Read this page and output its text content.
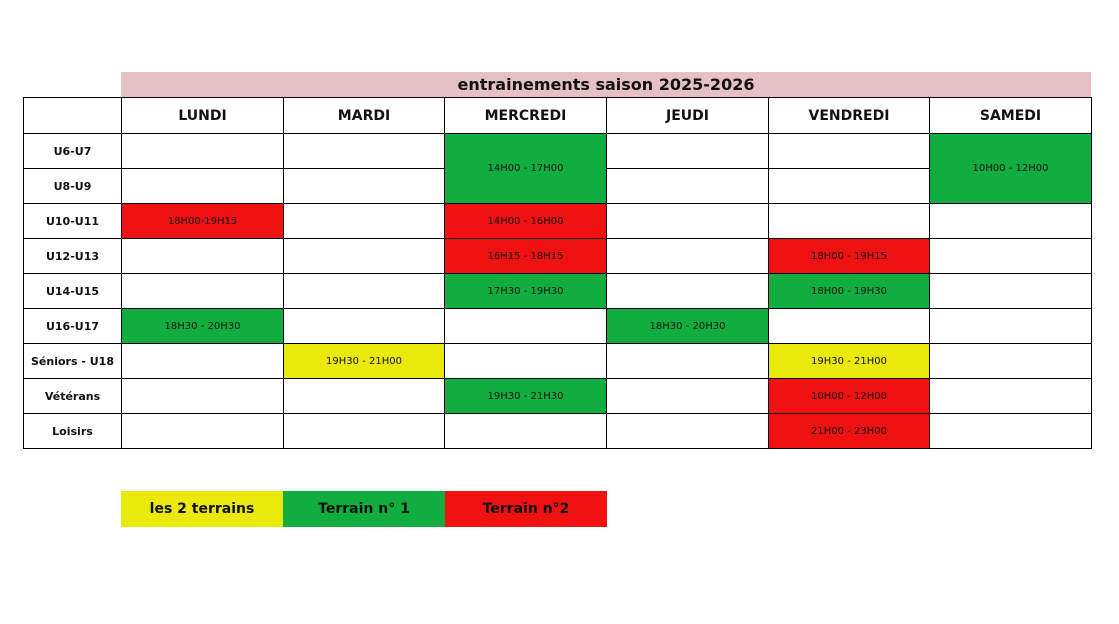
entrainements saison 2025-2026
	LUNDI	MARDI	MERCREDI	JEUDI	VENDREDI	SAMEDI
U6-U7			14H00 - 17H00			10H00 - 12H00
U8-U9						
U10-U11	18H00-19H15		14H00 - 16H00			
U12-U13			16H15 - 18H15		18H00 - 19H15	
U14-U15			17H30 - 19H30		18H00 - 19H30	
U16-U17	18H30 - 20H30			18H30 - 20H30		
Séniors - U18		19H30 - 21H00			19H30 - 21H00	
Vétérans			19H30 - 21H30		10H00 - 12H00	
Loisirs					21H00 - 23H00	
les 2 terrains	Terrain n° 1	Terrain n°2
